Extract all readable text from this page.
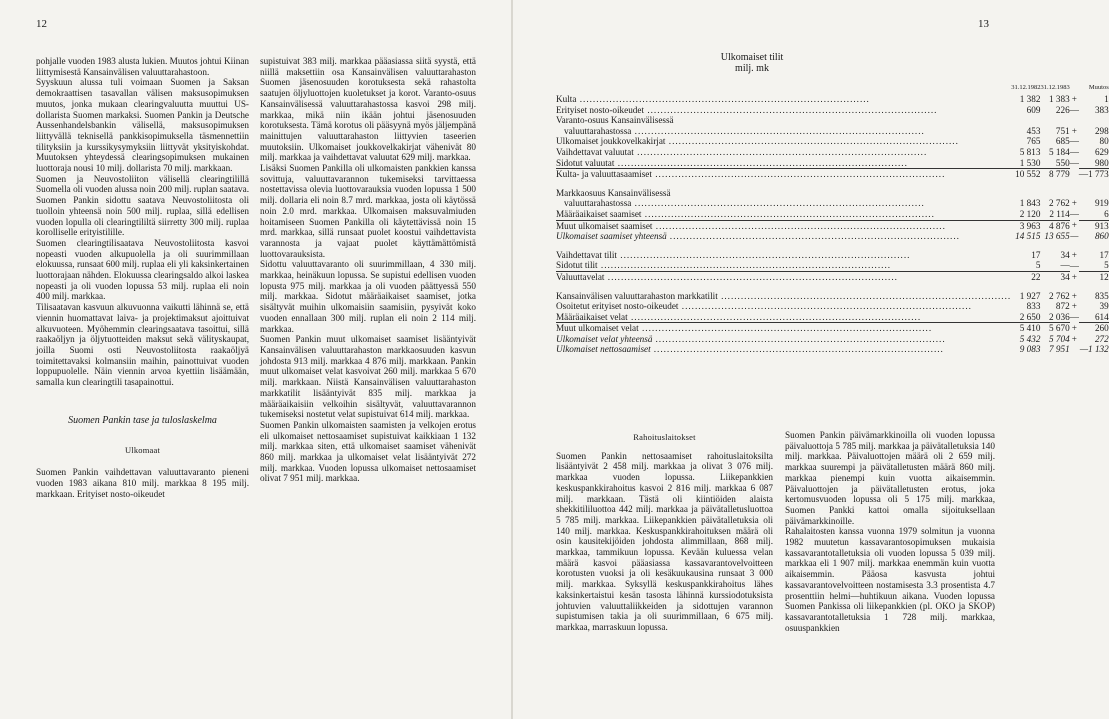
12	13

pohjalle vuoden 1983 alusta lukien. Muutos johtui Kiinan liittymisestä Kansainvälisen valuuttarahastoon.

Syyskuun alussa tuli voimaan Suomen ja Saksan demokraattisen tasavallan välisen maksusopimuksen muutos, jonka mukaan clearingvaluutta muuttui US-dollarista Suomen markaksi. Suomen Pankin ja Deutsche Aussenhandelsbankin välisellä, maksusopimuksen liittyvällä teknisellä pankkisopimuksella täsmennettiin tilityksiin ja kurssikysymyksiin liittyvät yksityiskohdat. Muutoksen yhteydessä clearingsopimuksen mukainen luottoraja nousi 10 milj. dollarista 70 milj. markkaan.

Suomen ja Neuvostoliiton välisellä clearingtilillä Suomella oli vuoden alussa noin 200 milj. ruplan saatava. Suomen Pankin sidottu saatava Neuvostoliitosta oli tuolloin yhteensä noin 500 milj. ruplaa, sillä edellisen vuoden lopulla oli clearingtililtä siirretty 300 milj. ruplaa korolliselle erityistilille.

Suomen clearingtilisaatava Neuvostoliitosta kasvoi nopeasti vuoden alkupuolella ja oli suurimmillaan elokuussa, runsaat 600 milj. ruplaa eli yli kaksinkertainen luottorajaan nähden. Elokuussa clearingsaldo alkoi laskea nopeasti ja oli vuoden lopussa 53 milj. ruplaa eli noin 400 milj. markkaa.

Tilisaatavan kasvuun alkuvuonna vaikutti lähinnä se, että viennin huomattavat laiva- ja projektimaksut ajoittuivat alkuvuoteen. Myöhemmin clearingsaatava tasoittui, sillä raakaöljyn ja öljytuotteiden maksut sekä välityskaupat, joilla Suomi osti Neuvostoliitosta raakaöljyä toimitettavaksi kolmansiin maihin, painottuivat vuoden loppupuolelle. Näin viennin arvoa kyettiin lisäämään, samalla kun clearingtili tasapainottui.

Suomen Pankin tase ja tuloslaskelma
Ulkomaat

Suomen Pankin vaihdettavan valuuttavaranto pieneni vuoden 1983 aikana 810 milj. markkaa 8 195 milj. markkaan. Erityiset nosto-oikeudet

supistuivat 383 milj. markkaa pääasiassa siitä syystä, että niillä maksettiin osa Kansainvälisen valuuttarahaston Suomen jäsenosuuden korotuksesta sekä rahastolta saatujen öljyluottojen kuoletukset ja korot. Varanto-osuus Kansainvälisessä valuuttarahastossa kasvoi 298 milj. markkaa, mikä niin ikään johtui jäsenosuuden korotuksesta. Tämä korotus oli pääsyynä myös jäljempänä mainittujen valuuttarahaston liittyvien taseerien muutoksiin. Ulkomaiset joukkovelkakirjat vähenivät 80 milj. markkaa ja vaihdettavat valuutat 629 milj. markkaa.

Lisäksi Suomen Pankilla oli ulkomaisten pankkien kanssa sovittuja, valuuttavarannon tukemiseksi tarvittaessa nostettavissa olevia luottovarauksia vuoden lopussa 1 500 milj. dollaria eli noin 8.7 mrd. markkaa, josta oli käytössä noin 2.0 mrd. markkaa. Ulkomaisen maksuvalmiuden hoitamiseen Suomen Pankilla oli käytettävissä noin 15 mrd. markkaa, sillä runsaat puolet koostui vaihdettavista varannosta ja vajaat puolet käyttämättömistä luottovarauksista.

Sidottu valuuttavaranto oli suurimmillaan, 4 330 milj. markkaa, heinäkuun lopussa. Se supistui edellisen vuoden lopusta 975 milj. markkaa ja oli vuoden päättyessä 550 milj. markkaa. Sidotut määräaikaiset saamiset, jotka sisältyvät muihin ulkomaisiin saamisiin, pysyivät koko vuoden ennallaan 300 milj. ruplan eli noin 2 114 milj. markkaa.

Suomen Pankin muut ulkomaiset saamiset lisääntyivät Kansainvälisen valuuttarahaston markkaosuuden kasvun johdosta 913 milj. markkaa 4 876 milj. markkaan. Pankin muut ulkomaiset velat kasvoivat 260 milj. markkaa 5 670 milj. markkaan. Niistä Kansainvälisen valuuttarahaston markkatilit lisääntyivät 835 milj. markkaa ja määräaikaisiin velkoihin sisältyvät, valuuttavarannon tukemiseksi nostetut velat supistuivat 614 milj. markkaa.

Suomen Pankin ulkomaisten saamisten ja velkojen erotus eli ulkomaiset nettosaamiset supistuivat kaikkiaan 1 132 milj. markkaa siten, että ulkomaiset saamiset vähenivät 860 milj. markkaa ja ulkomaiset velat lisääntyivät 272 milj. markkaa. Vuoden lopussa ulkomaiset nettosaamiset olivat 7 951 milj. markkaa.

Ulkomaiset tilit
milj. mk
	31.12.1982		31.12.1983		Muutos
Kulta .....	1 382		1 383	+	1
Erityiset nosto-oikeudet .....	609		226	—	383
Varanto-osuus Kansainvälisessä					
valuuttarahastossa .....	453		751	+	298
Ulkomaiset joukkovelkakirjat .....	765		685	—	80
Vaihdettavat valuutat .....	5 813		5 184	—	629
Sidotut valuutat .....	1 530		550	—	980
Kulta- ja valuuttasaamiset .....	10 552		8 779		—1 773

Markkaosuus Kansainvälisessä					
valuuttarahastossa .....	1 843		2 762	+	919
Määräaikaiset saamiset .....	2 120		2 114	—	6
Muut ulkomaiset saamiset .....	3 963		4 876	+	913
Ulkomaiset saamiset yhteensä .....	14 515		13 655	—	860

Vaihdettavat tilit .....	17		34	+	17
Sidotut tilit .....	5		—	—	5
Valuuttavelat .....	22		34	+	12

Kansainvälisen valuuttarahaston markkatilit .....	1 927		2 762	+	835
Osoitetut erityiset nosto-oikeudet .....	833		872	+	39
Määräaikaiset velat .....	2 650		2 036	—	614
Muut ulkomaiset velat .....	5 410		5 670	+	260
Ulkomaiset velat yhteensä .....	5 432		5 704	+	272
Ulkomaiset nettosaamiset .....	9 083		7 951		—1 132
Rahoituslaitokset

Suomen Pankin nettosaamiset rahoituslaitoksilta lisääntyivät 2 458 milj. markkaa ja olivat 3 076 milj. markkaa vuoden lopussa. Liikepankkien keskuspankkirahoitus kasvoi 2 816 milj. markkaa 6 087 milj. markkaan. Tästä oli kiintiöiden alaista shekkitililuottoa 442 milj. markkaa ja päivätalletusluottoa 5 785 milj. markkaa. Liikepankkien päivätalletuksia oli 140 milj. markkaa. Keskuspankkirahoituksen määrä oli osin kausitekijöiden johdosta alimmillaan, 868 milj. markkaa, tammikuun lopussa. Kevään kuluessa velan määrä kasvoi pääasiassa kassavarantovelvoitteen korotusten vuoksi ja oli kesäkuukausina runsaat 3 000 milj. markkaa. Syksyllä keskuspankkirahoitus lähes kaksinkertaistui kesän tasosta lähinnä kurssiodotuksista johtuvien valuuttaliikkeiden ja sidottujen varannon supistumisen takia ja oli suurimmillaan, 6 675 milj. markkaa, marraskuun lopussa.

Suomen Pankin päivämarkkinoilla oli vuoden lopussa päivaluottoja 5 785 milj. markkaa ja päivätalletuksia 140 milj. markkaa. Päivaluottojen määrä oli 2 659 milj. markkaa suurempi ja päivätalletusten määrä 860 milj. markkaa pienempi kuin vuotta aikaisemmin. Päivaluottojen ja päivätalletusten erotus, joka kertomusvuoden lopussa oli 5 175 milj. markkaa, Suomen Pankki kattoi omalla sijoituksellaan päivämarkkinoille.

Rahalaitosten kanssa vuonna 1979 solmitun ja vuonna 1982 muutetun kassavarantosopimuksen mukaisia kassavarantotalletuksia oli vuoden lopussa 5 039 milj. markkaa eli 1 907 milj. markkaa enemmän kuin vuotta aikaisemmin. Pääosa kasvusta johtui kassavarantovelvoitteen nostamisesta 3.3 prosentista 4.7 prosenttiin helmi—huhtikuun aikana. Vuoden lopussa Suomen Pankissa oli liikepankkien (pl. OKO ja SKOP) kassavarantotalletuksia 1 728 milj. markkaa, osuuspankkien
